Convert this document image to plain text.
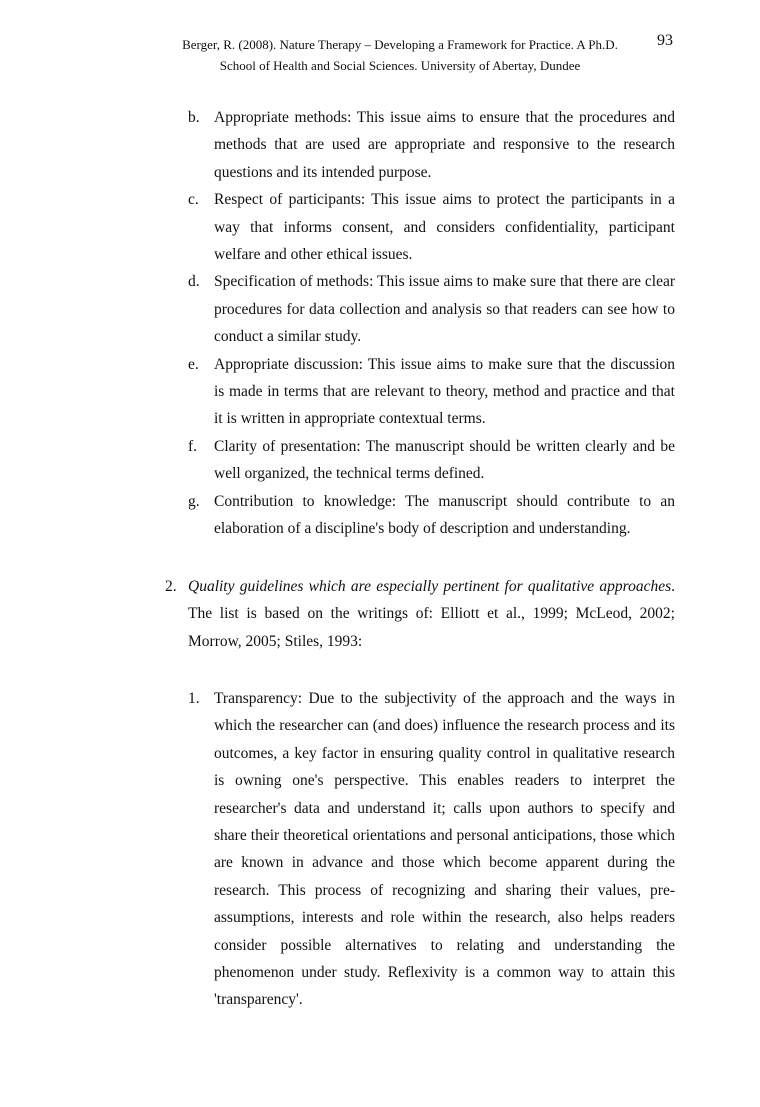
Berger, R. (2008). Nature Therapy – Developing a Framework for Practice. A Ph.D.
School of Health and Social Sciences. University of Abertay, Dundee
93
b. Appropriate methods: This issue aims to ensure that the procedures and methods that are used are appropriate and responsive to the research questions and its intended purpose.
c. Respect of participants: This issue aims to protect the participants in a way that informs consent, and considers confidentiality, participant welfare and other ethical issues.
d. Specification of methods: This issue aims to make sure that there are clear procedures for data collection and analysis so that readers can see how to conduct a similar study.
e. Appropriate discussion: This issue aims to make sure that the discussion is made in terms that are relevant to theory, method and practice and that it is written in appropriate contextual terms.
f. Clarity of presentation: The manuscript should be written clearly and be well organized, the technical terms defined.
g. Contribution to knowledge: The manuscript should contribute to an elaboration of a discipline's body of description and understanding.
2. Quality guidelines which are especially pertinent for qualitative approaches. The list is based on the writings of: Elliott et al., 1999; McLeod, 2002; Morrow, 2005; Stiles, 1993:
1. Transparency: Due to the subjectivity of the approach and the ways in which the researcher can (and does) influence the research process and its outcomes, a key factor in ensuring quality control in qualitative research is owning one's perspective. This enables readers to interpret the researcher's data and understand it; calls upon authors to specify and share their theoretical orientations and personal anticipations, those which are known in advance and those which become apparent during the research. This process of recognizing and sharing their values, pre-assumptions, interests and role within the research, also helps readers consider possible alternatives to relating and understanding the phenomenon under study. Reflexivity is a common way to attain this 'transparency'.
